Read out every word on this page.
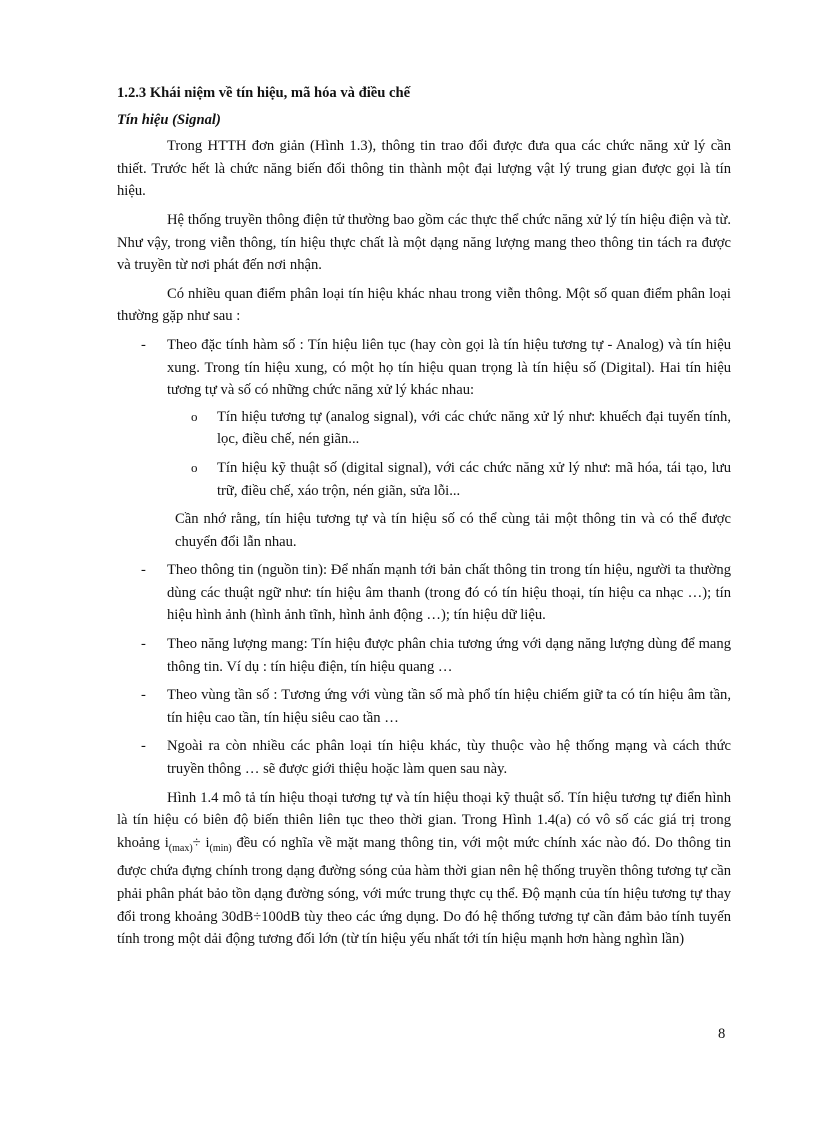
1.2.3 Khái niệm về tín hiệu, mã hóa và điều chế
Tín hiệu (Signal)

Trong HTTH đơn giản (Hình 1.3), thông tin trao đổi được đưa qua các chức năng xử lý cần thiết. Trước hết là chức năng biến đổi thông tin thành một đại lượng vật lý trung gian được gọi là tín hiệu.

Hệ thống truyền thông điện tử thường bao gồm các thực thể chức năng xử lý tín hiệu điện và từ. Như vậy, trong viễn thông, tín hiệu thực chất là một dạng năng lượng mang theo thông tin tách ra được và truyền từ nơi phát đến nơi nhận.

Có nhiều quan điểm phân loại tín hiệu khác nhau trong viễn thông. Một số quan điểm phân loại thường gặp như sau :

- Theo đặc tính hàm số : Tín hiệu liên tục (hay còn gọi là tín hiệu tương tự - Analog) và tín hiệu xung. Trong tín hiệu xung, có một họ tín hiệu quan trọng là tín hiệu số (Digital). Hai tín hiệu tương tự và số có những chức năng xử lý khác nhau:
o Tín hiệu tương tự (analog signal), với các chức năng xử lý như: khuếch đại tuyến tính, lọc, điều chế, nén giãn...
o Tín hiệu kỹ thuật số (digital signal), với các chức năng xử lý như: mã hóa, tái tạo, lưu trữ, điều chế, xáo trộn, nén giãn, sửa lỗi...

Cần nhớ rằng, tín hiệu tương tự và tín hiệu số có thể cùng tải một thông tin và có thể được chuyển đổi lẫn nhau.

- Theo thông tin (nguồn tin): Để nhấn mạnh tới bản chất thông tin trong tín hiệu, người ta thường dùng các thuật ngữ như: tín hiệu âm thanh (trong đó có tín hiệu thoại, tín hiệu ca nhạc …); tín hiệu hình ảnh (hình ảnh tĩnh, hình ảnh động …); tín hiệu dữ liệu.
- Theo năng lượng mang: Tín hiệu được phân chia tương ứng với dạng năng lượng dùng để mang thông tin. Ví dụ : tín hiệu điện, tín hiệu quang …
- Theo vùng tần số : Tương ứng với vùng tần số mà phổ tín hiệu chiếm giữ ta có tín hiệu âm tần, tín hiệu cao tần, tín hiệu siêu cao tần …
- Ngoài ra còn nhiều các phân loại tín hiệu khác, tùy thuộc vào hệ thống mạng và cách thức truyền thông … sẽ được giới thiệu hoặc làm quen sau này.

Hình 1.4 mô tả tín hiệu thoại tương tự và tín hiệu thoại kỹ thuật số. Tín hiệu tương tự điển hình là tín hiệu có biên độ biến thiên liên tục theo thời gian. Trong Hình 1.4(a) có vô số các giá trị trong khoảng $i_{(max)}\div i_{(min)}$ đều có nghĩa về mặt mang thông tin, với một mức chính xác nào đó. Do thông tin được chứa đựng chính trong dạng đường sóng của hàm thời gian nên hệ thống truyền thông tương tự cần phải phân phát bảo tồn dạng đường sóng, với mức trung thực cụ thể. Độ mạnh của tín hiệu tương tự thay đổi trong khoảng 30dB÷100dB tùy theo các ứng dụng. Do đó hệ thống tương tự cần đảm bảo tính tuyến tính trong một dải động tương đối lớn (từ tín hiệu yếu nhất tới tín hiệu mạnh hơn hàng nghìn lần)

8
